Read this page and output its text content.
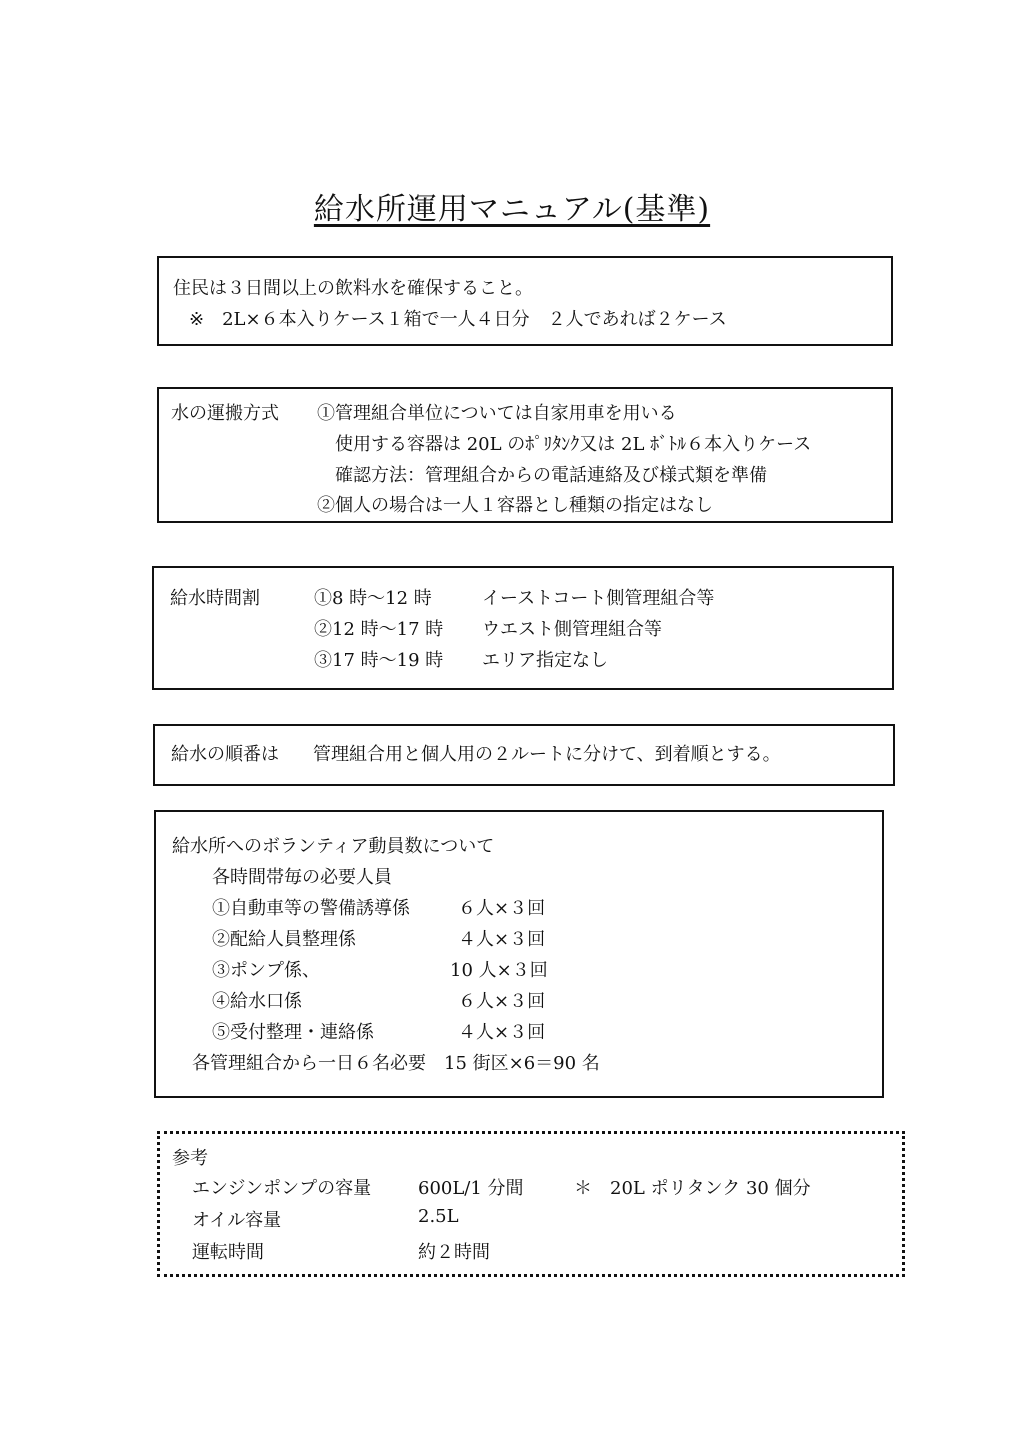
給水所運用マニュアル(基準)
住民は３日間以上の飲料水を確保すること。
※　2L×６本入りケース１箱で一人４日分　２人であれば２ケース
水の運搬方式 ①管理組合単位については自家用車を用いる
使用する容器は 20L のﾎﾟﾘﾀﾝｸ又は 2L ﾎﾞﾄﾙ６本入りケース
確認方法：管理組合からの電話連絡及び様式類を準備
②個人の場合は一人１容器とし種類の指定はなし
給水時間割	①8 時～12 時	イーストコート側管理組合等
②12 時～17 時 ウエスト側管理組合等
③17 時～19 時 エリア指定なし
給水の順番は 管理組合用と個人用の２ルートに分けて、到着順とする。
給水所へのボランティア動員数について
各時間帯毎の必要人員
①自動車等の警備誘導係	６人×３回
②配給人員整理係	４人×３回
③ポンプ係、	10 人×３回
④給水口係	６人×３回
⑤受付整理・連絡係	４人×３回
各管理組合から一日６名必要　15 街区×6＝90 名
参考
エンジンポンプの容量	600L/1 分間	＊　20L ポリタンク 30 個分
オイル容量	2.5L
運転時間	約２時間
